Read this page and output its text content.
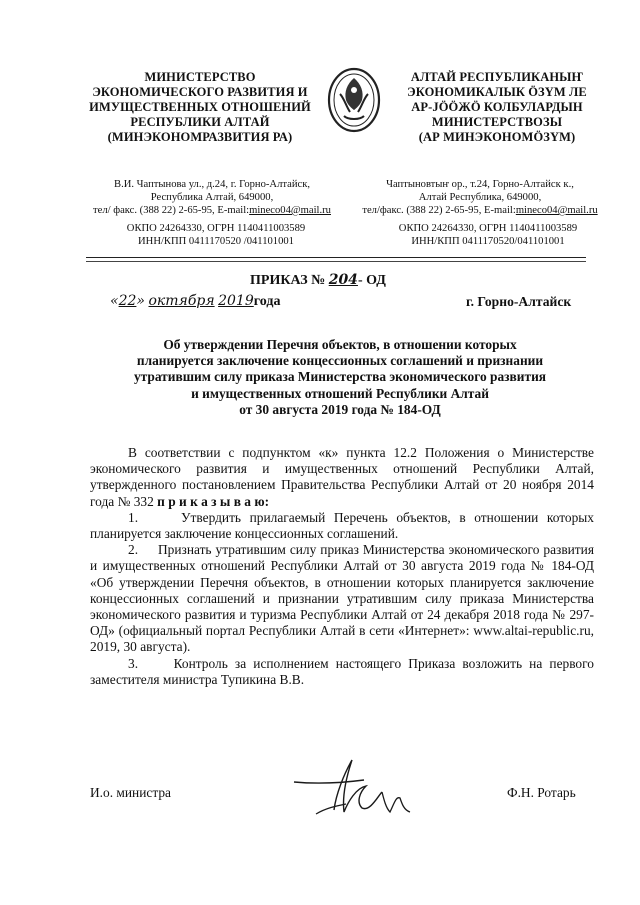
МИНИСТЕРСТВО
ЭКОНОМИЧЕСКОГО РАЗВИТИЯ И
ИМУЩЕСТВЕННЫХ ОТНОШЕНИЙ
РЕСПУБЛИКИ АЛТАЙ
(МИНЭКОНОМРАЗВИТИЯ РА)
АЛТАЙ РЕСПУБЛИКАНЫҤ
ЭКОНОМИКАЛЫК ÖЗҮМ ЛЕ
АР-JÖÖЖÖ КОЛБУЛАРДЫН
МИНИСТЕРСТВОЗЫ
(АР МИНЭКОНОМÖЗҮМ)
В.И. Чаптынова ул., д.24, г. Горно-Алтайск,
Республика Алтай, 649000,
тел/ факс. (388 22) 2-65-95, E-mail:mineco04@mail.ru
Чаптыновтыҥ ор., т.24, Горно-Алтайск к.,
Алтай Республика, 649000,
тел/факс. (388 22) 2-65-95, E-mail:mineco04@mail.ru
ОКПО 24264330, ОГРН 1140411003589
ИНН/КПП 0411170520 /041101001
ОКПО 24264330, ОГРН 1140411003589
ИНН/КПП 0411170520/041101001
ПРИКАЗ № 204- ОД
«22» октября 2019года	г. Горно-Алтайск
Об утверждении Перечня объектов, в отношении которых
планируется заключение концессионных соглашений и признании
утратившим силу приказа Министерства экономического развития
и имущественных отношений Республики Алтай
от 30 августа 2019 года № 184-ОД
В соответствии с подпунктом «к» пункта 12.2 Положения о Министерстве экономического развития и имущественных отношений Республики Алтай, утвержденного постановлением Правительства Республики Алтай от 20 ноября 2014 года № 332 п р и к а з ы в а ю:
1.	Утвердить прилагаемый Перечень объектов, в отношении которых планируется заключение концессионных соглашений.
2. Признать утратившим силу приказ Министерства экономического развития и имущественных отношений Республики Алтай от 30 августа 2019 года № 184-ОД «Об утверждении Перечня объектов, в отношении которых планируется заключение концессионных соглашений и признании утратившим силу приказа Министерства экономического развития и туризма Республики Алтай от 24 декабря 2018 года № 297-ОД» (официальный портал Республики Алтай в сети «Интернет»: www.altai-republic.ru, 2019, 30 августа).
3.	Контроль за исполнением настоящего Приказа возложить на первого заместителя министра Тупикина В.В.
И.о. министра	Ф.Н. Ротарь
